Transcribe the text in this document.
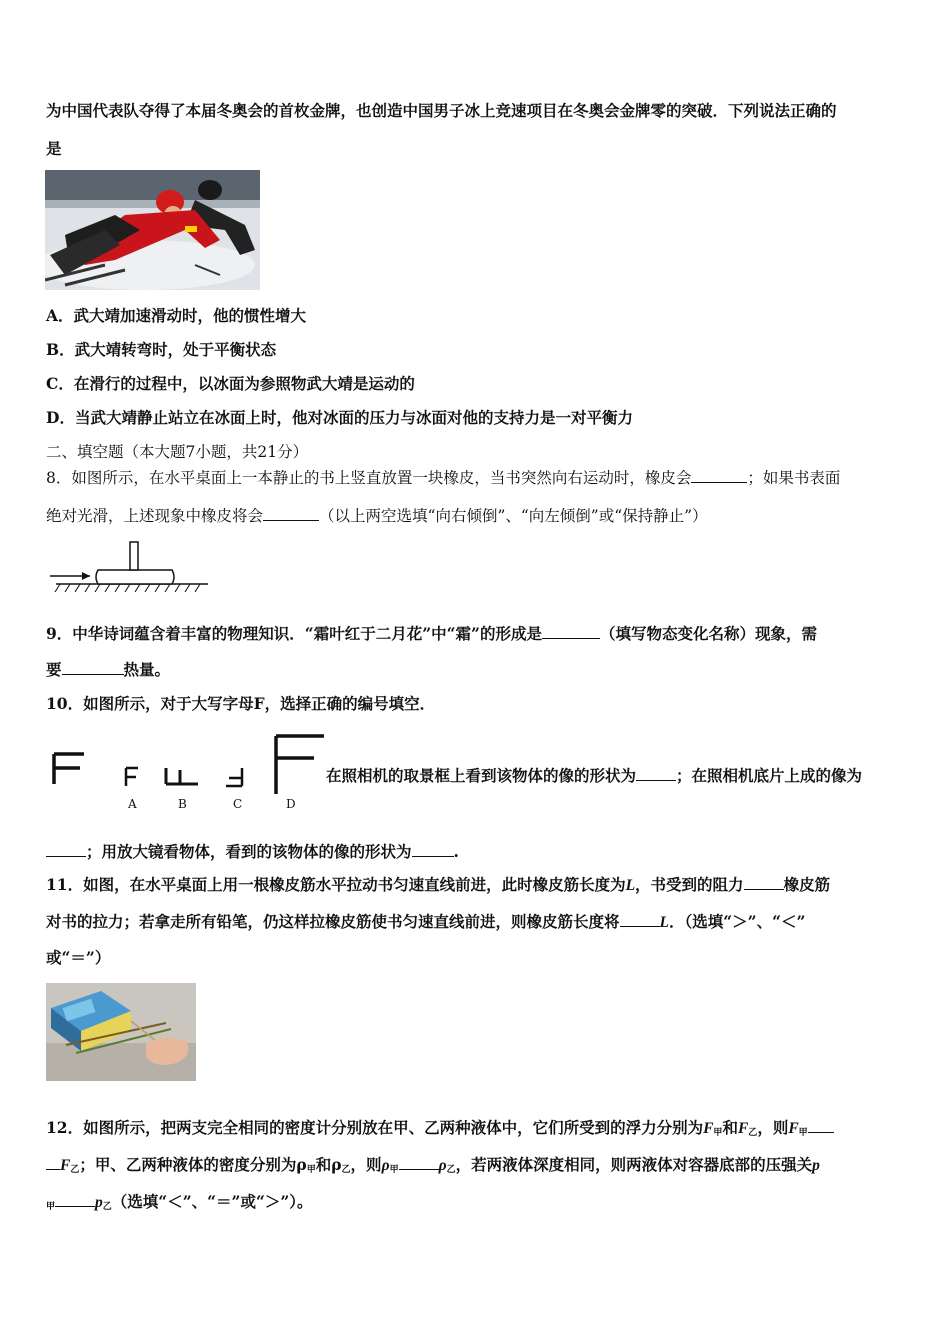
为中国代表队夺得了本届冬奥会的首枚金牌，也创造中国男子冰上竞速项目在冬奥会金牌零的突破．下列说法正确的
是
A．武大靖加速滑动时，他的惯性增大
B．武大靖转弯时，处于平衡状态
C．在滑行的过程中，以冰面为参照物武大靖是运动的
D．当武大靖静止站立在冰面上时，他对冰面的压力与冰面对他的支持力是一对平衡力
二、填空题（本大题7小题，共21分）
8．如图所示，在水平桌面上一本静止的书上竖直放置一块橡皮，当书突然向右运动时，橡皮会	；如果书表面
绝对光滑，上述现象中橡皮将会	（以上两空选填“向右倾倒”、“向左倾倒”或“保持静止”）
9．中华诗词蕴含着丰富的物理知识．“霜叶红于二月花”中“霜”的形成是	（填写物态变化名称）现象，需
要	热量。
10．如图所示，对于大写字母F，选择正确的编号填空．
A	B	C	D
在照相机的取景框上看到该物体的像的形状为	；在照相机底片上成的像为
；用放大镜看物体，看到的该物体的像的形状为	.
11．如图，在水平桌面上用一根橡皮筋水平拉动书匀速直线前进，此时橡皮筋长度为L，书受到的阻力	橡皮筋
对书的拉力；若拿走所有铅笔，仍这样拉橡皮筋使书匀速直线前进，则橡皮筋长度将	L．（选填“＞”、“＜”
或“＝”）
12．如图所示，把两支完全相同的密度计分别放在甲、乙两种液体中，它们所受到的浮力分别为$F_甲$和$F_乙$，则$F_甲$
$F_乙$；甲、乙两种液体的密度分别为$\rho_甲$和$\rho_乙$，则$\rho_甲$	$\rho_乙$，若两液体深度相同，则两液体对容器底部的压强关p
$_甲$	$p_乙$（选填“＜”、“＝”或“＞”）。
